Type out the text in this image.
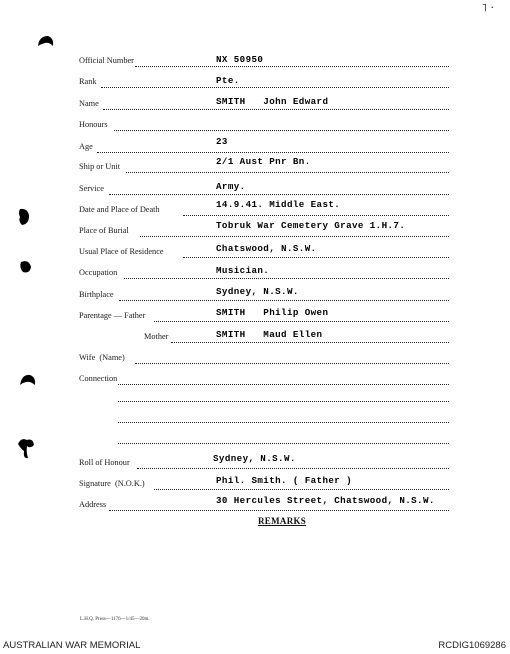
˥ ·
Official Number	NX 50950
Rank	Pte.
Name	SMITH   John Edward
Honours
Age	23
Ship or Unit	2/1 Aust Pnr Bn.
Service	Army.
Date and Place of Death	14.9.41. Middle East.
Place of Burial	Tobruk War Cemetery Grave 1.H.7.
Usual Place of Residence	Chatswood, N.S.W.
Occupation	Musician.
Birthplace	Sydney, N.S.W.
Parentage — Father	SMITH   Philip Owen
Mother	SMITH   Maud Ellen
Wife  (Name)
Connection
Roll of Honour	Sydney, N.S.W.
Signature  (N.O.K.)	Phil. Smith. ( Father )
Address	30 Hercules Street, Chatswood, N.S.W.
REMARKS
L.H.Q. Press—1176—1/45—20m.
AUSTRALIAN WAR MEMORIAL	RCDIG1069286
